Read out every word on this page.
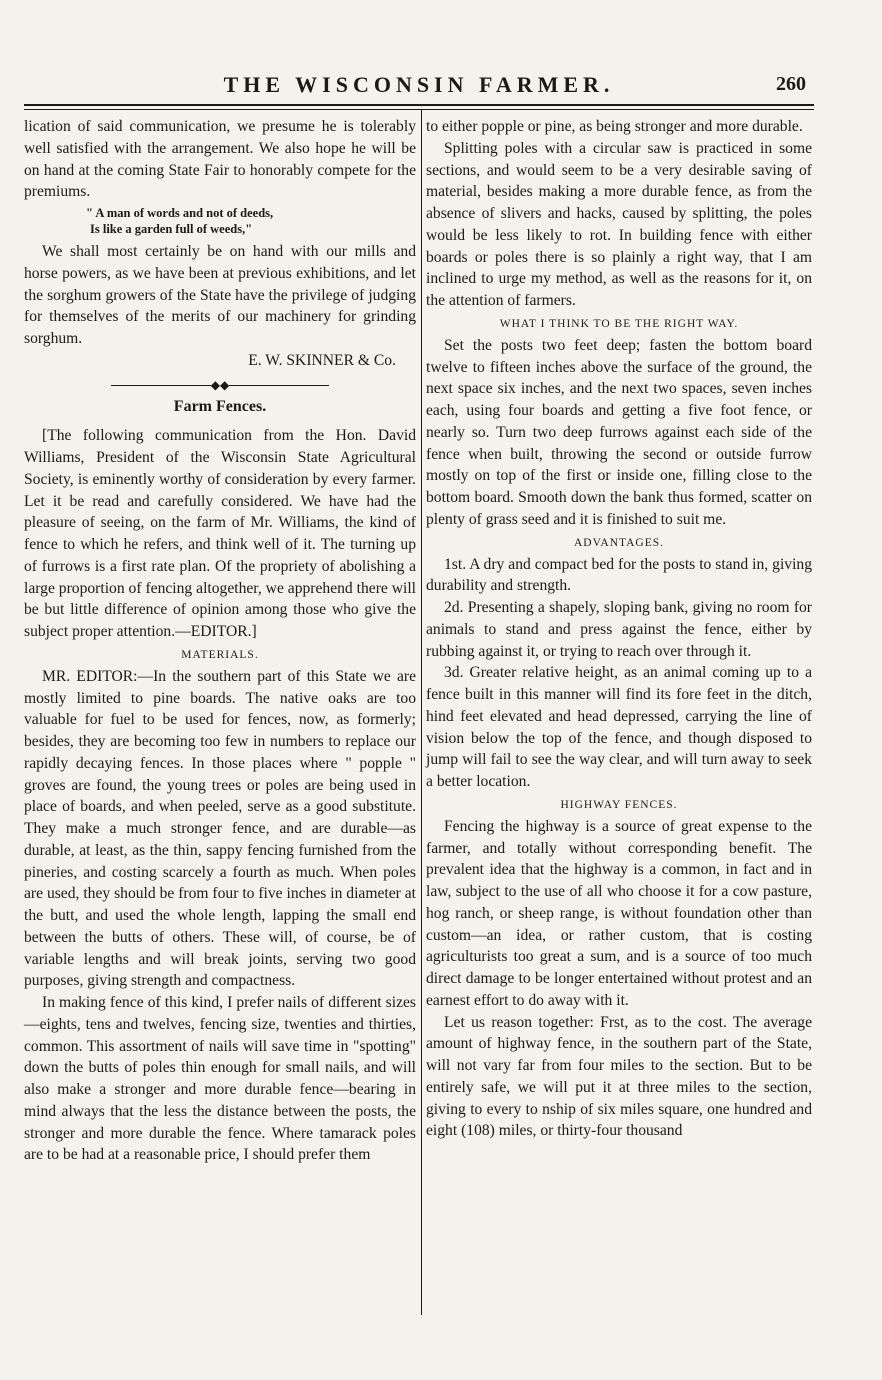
THE WISCONSIN FARMER.	260

lication of said communication, we presume he is tolerably well satisfied with the arrangement. We also hope he will be on hand at the coming State Fair to honorably compete for the premiums.

" A man of words and not of deeds,
Is like a garden full of weeds,"

We shall most certainly be on hand with our mills and horse powers, as we have been at previous exhibitions, and let the sorghum growers of the State have the privilege of judging for themselves of the merits of our machinery for grinding sorghum.

E. W. SKINNER & Co.
◆◆
Farm Fences.

[The following communication from the Hon. David Williams, President of the Wisconsin State Agricultural Society, is eminently worthy of consideration by every farmer. Let it be read and carefully considered. We have had the pleasure of seeing, on the farm of Mr. Williams, the kind of fence to which he refers, and think well of it. The turning up of furrows is a first rate plan. Of the propriety of abolishing a large proportion of fencing altogether, we apprehend there will be but little difference of opinion among those who give the subject proper attention.—EDITOR.]

MATERIALS.

MR. EDITOR:—In the southern part of this State we are mostly limited to pine boards. The native oaks are too valuable for fuel to be used for fences, now, as formerly; besides, they are becoming too few in numbers to replace our rapidly decaying fences. In those places where " popple " groves are found, the young trees or poles are being used in place of boards, and when peeled, serve as a good substitute. They make a much stronger fence, and are durable—as durable, at least, as the thin, sappy fencing furnished from the pineries, and costing scarcely a fourth as much. When poles are used, they should be from four to five inches in diameter at the butt, and used the whole length, lapping the small end between the butts of others. These will, of course, be of variable lengths and will break joints, serving two good purposes, giving strength and compactness.

In making fence of this kind, I prefer nails of different sizes—eights, tens and twelves, fencing size, twenties and thirties, common. This assortment of nails will save time in "spotting" down the butts of poles thin enough for small nails, and will also make a stronger and more durable fence—bearing in mind always that the less the distance between the posts, the stronger and more durable the fence. Where tamarack poles are to be had at a reasonable price, I should prefer them

to either popple or pine, as being stronger and more durable.

Splitting poles with a circular saw is practiced in some sections, and would seem to be a very desirable saving of material, besides making a more durable fence, as from the absence of slivers and hacks, caused by splitting, the poles would be less likely to rot. In building fence with either boards or poles there is so plainly a right way, that I am inclined to urge my method, as well as the reasons for it, on the attention of farmers.

WHAT I THINK TO BE THE RIGHT WAY.

Set the posts two feet deep; fasten the bottom board twelve to fifteen inches above the surface of the ground, the next space six inches, and the next two spaces, seven inches each, using four boards and getting a five foot fence, or nearly so. Turn two deep furrows against each side of the fence when built, throwing the second or outside furrow mostly on top of the first or inside one, filling close to the bottom board. Smooth down the bank thus formed, scatter on plenty of grass seed and it is finished to suit me.

ADVANTAGES.

1st. A dry and compact bed for the posts to stand in, giving durability and strength.

2d. Presenting a shapely, sloping bank, giving no room for animals to stand and press against the fence, either by rubbing against it, or trying to reach over through it.

3d. Greater relative height, as an animal coming up to a fence built in this manner will find its fore feet in the ditch, hind feet elevated and head depressed, carrying the line of vision below the top of the fence, and though disposed to jump will fail to see the way clear, and will turn away to seek a better location.

HIGHWAY FENCES.

Fencing the highway is a source of great expense to the farmer, and totally without corresponding benefit. The prevalent idea that the highway is a common, in fact and in law, subject to the use of all who choose it for a cow pasture, hog ranch, or sheep range, is without foundation other than custom—an idea, or rather custom, that is costing agriculturists too great a sum, and is a source of too much direct damage to be longer entertained without protest and an earnest effort to do away with it.

Let us reason together: Frst, as to the cost. The average amount of highway fence, in the southern part of the State, will not vary far from four miles to the section. But to be entirely safe, we will put it at three miles to the section, giving to every to nship of six miles square, one hundred and eight (108) miles, or thirty-four thousand
